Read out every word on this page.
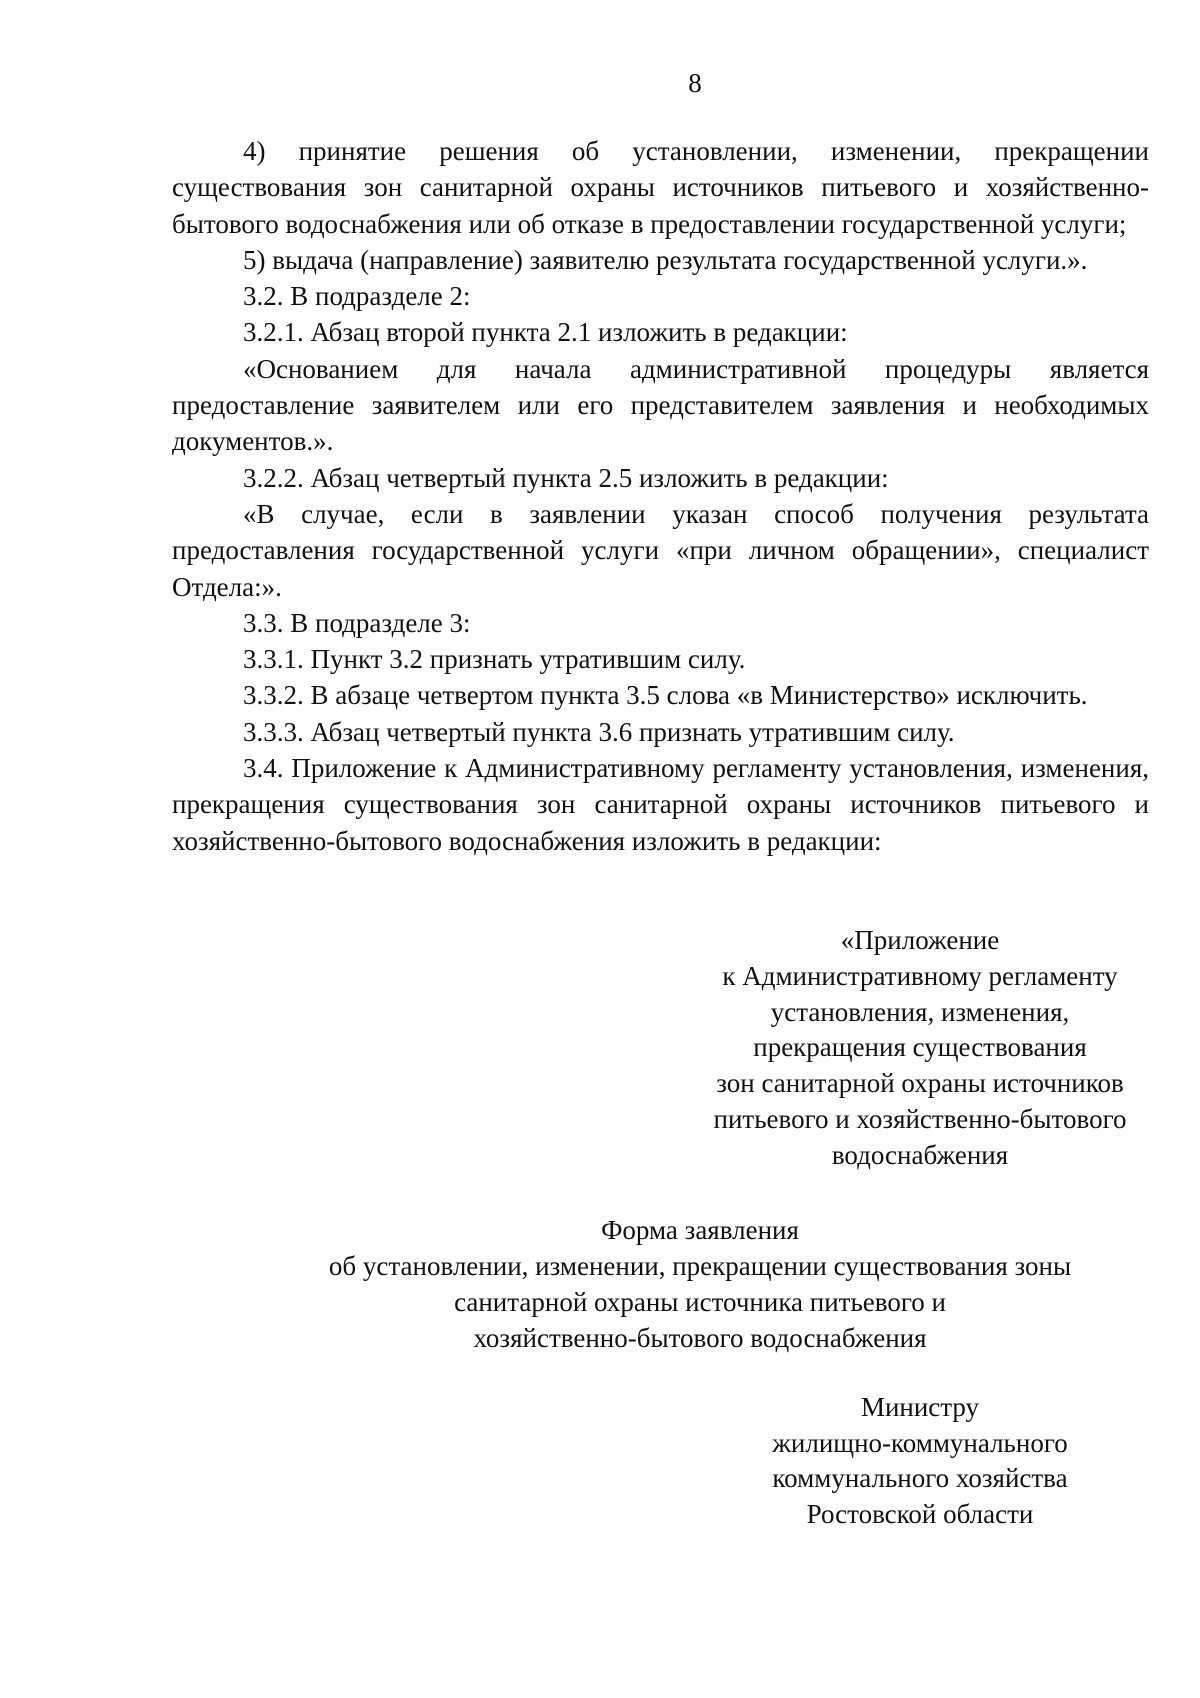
8

4) принятие решения об установлении, изменении, прекращении существования зон санитарной охраны источников питьевого и хозяйственно-бытового водоснабжения или об отказе в предоставлении государственной услуги;

5) выдача (направление) заявителю результата государственной услуги.».

3.2. В подразделе 2:

3.2.1. Абзац второй пункта 2.1 изложить в редакции:

«Основанием для начала административной процедуры является предоставление заявителем или его представителем заявления и необходимых документов.».

3.2.2. Абзац четвертый пункта 2.5 изложить в редакции:

«В случае, если в заявлении указан способ получения результата предоставления государственной услуги «при личном обращении», специалист Отдела:».

3.3. В подразделе 3:

3.3.1. Пункт 3.2 признать утратившим силу.

3.3.2. В абзаце четвертом пункта 3.5 слова «в Министерство» исключить.

3.3.3. Абзац четвертый пункта 3.6 признать утратившим силу.

3.4. Приложение к Административному регламенту установления, изменения, прекращения существования зон санитарной охраны источников питьевого и хозяйственно-бытового водоснабжения изложить в редакции:

«Приложение
к Административному регламенту
установления, изменения,
прекращения существования
зон санитарной охраны источников
питьевого и хозяйственно-бытового
водоснабжения
Форма заявления
об установлении, изменении, прекращении существования зоны
санитарной охраны источника питьевого и
хозяйственно-бытового водоснабжения
Министру
жилищно-коммунального
коммунального хозяйства
Ростовской области
